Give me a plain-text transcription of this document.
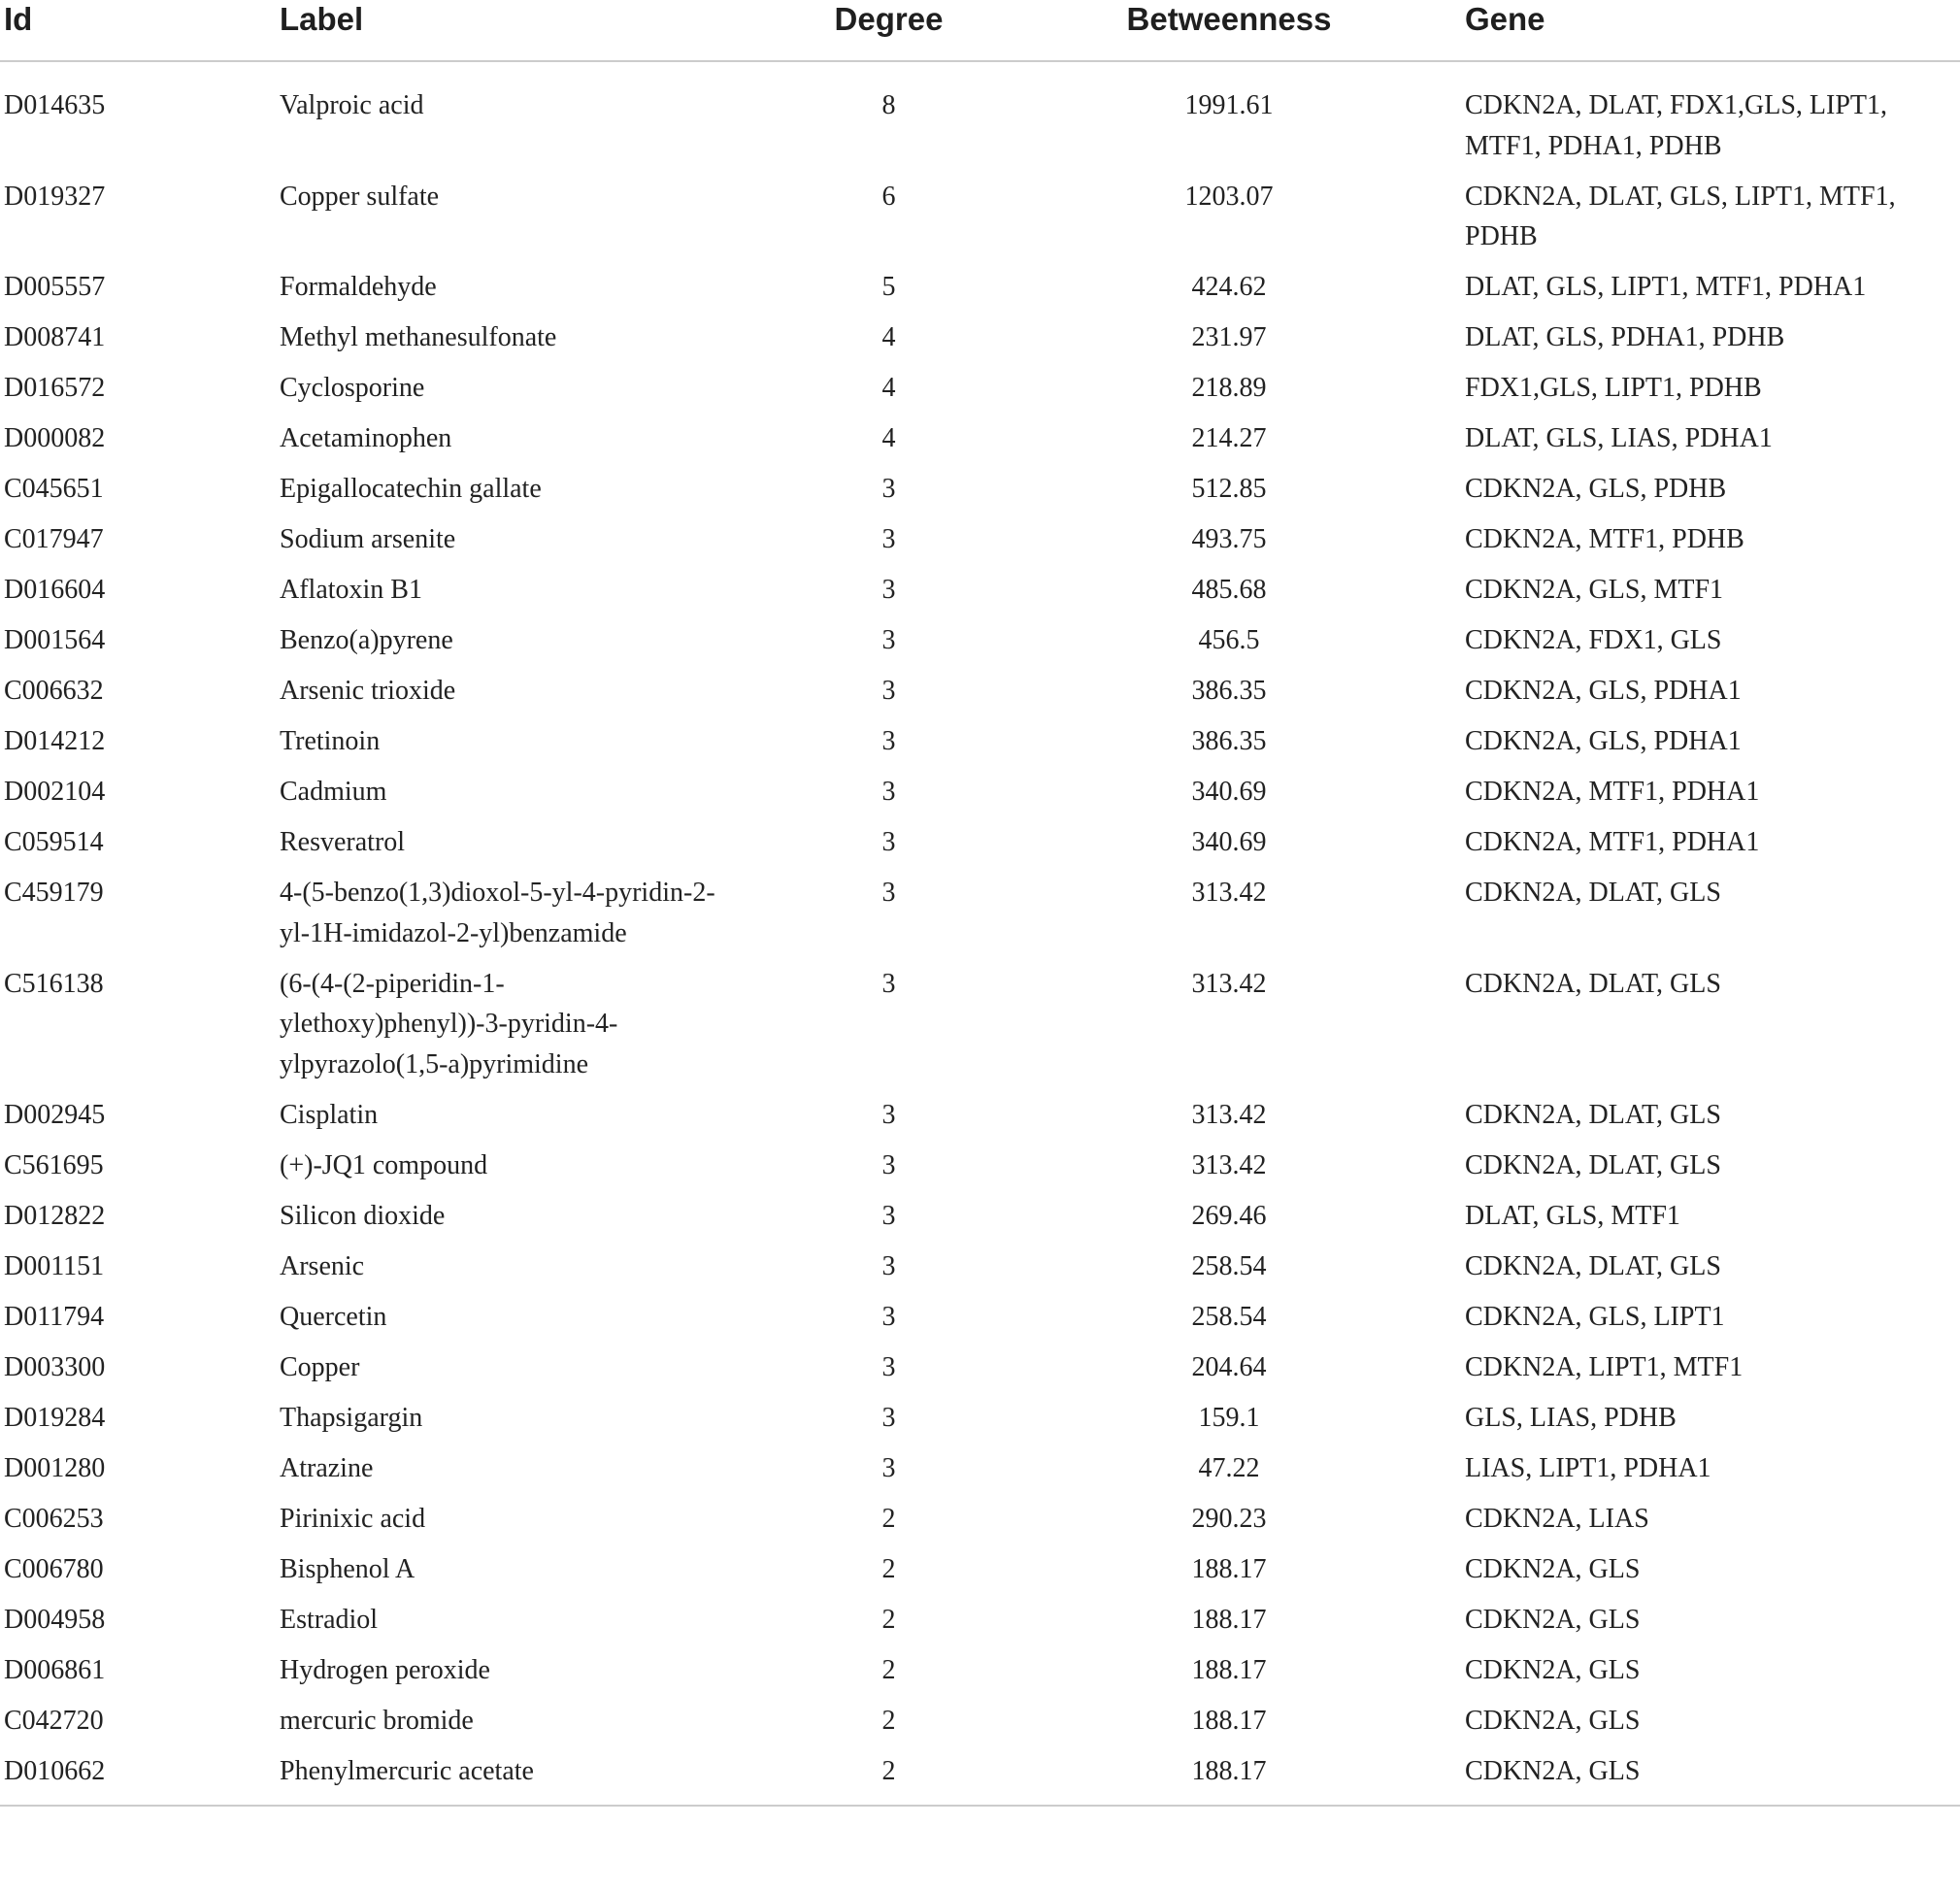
Id	Label	Degree	Betweenness	Gene
D014635	Valproic acid	8	1991.61	CDKN2A, DLAT, FDX1,GLS, LIPT1, MTF1, PDHA1, PDHB
D019327	Copper sulfate	6	1203.07	CDKN2A, DLAT, GLS, LIPT1, MTF1, PDHB
D005557	Formaldehyde	5	424.62	DLAT, GLS, LIPT1, MTF1, PDHA1
D008741	Methyl methanesulfonate	4	231.97	DLAT, GLS, PDHA1, PDHB
D016572	Cyclosporine	4	218.89	FDX1,GLS, LIPT1, PDHB
D000082	Acetaminophen	4	214.27	DLAT, GLS, LIAS, PDHA1
C045651	Epigallocatechin gallate	3	512.85	CDKN2A, GLS, PDHB
C017947	Sodium arsenite	3	493.75	CDKN2A, MTF1, PDHB
D016604	Aflatoxin B1	3	485.68	CDKN2A, GLS, MTF1
D001564	Benzo(a)pyrene	3	456.5	CDKN2A, FDX1, GLS
C006632	Arsenic trioxide	3	386.35	CDKN2A, GLS, PDHA1
D014212	Tretinoin	3	386.35	CDKN2A, GLS, PDHA1
D002104	Cadmium	3	340.69	CDKN2A, MTF1, PDHA1
C059514	Resveratrol	3	340.69	CDKN2A, MTF1, PDHA1
C459179	4-(5-benzo(1,3)dioxol-5-yl-4-pyridin-2-yl-1H-imidazol-2-yl)benzamide	3	313.42	CDKN2A, DLAT, GLS
C516138	(6-(4-(2-piperidin-1-ylethoxy)phenyl))-3-pyridin-4-ylpyrazolo(1,5-a)pyrimidine	3	313.42	CDKN2A, DLAT, GLS
D002945	Cisplatin	3	313.42	CDKN2A, DLAT, GLS
C561695	(+)-JQ1 compound	3	313.42	CDKN2A, DLAT, GLS
D012822	Silicon dioxide	3	269.46	DLAT, GLS, MTF1
D001151	Arsenic	3	258.54	CDKN2A, DLAT, GLS
D011794	Quercetin	3	258.54	CDKN2A, GLS, LIPT1
D003300	Copper	3	204.64	CDKN2A, LIPT1, MTF1
D019284	Thapsigargin	3	159.1	GLS, LIAS, PDHB
D001280	Atrazine	3	47.22	LIAS, LIPT1, PDHA1
C006253	Pirinixic acid	2	290.23	CDKN2A, LIAS
C006780	Bisphenol A	2	188.17	CDKN2A, GLS
D004958	Estradiol	2	188.17	CDKN2A, GLS
D006861	Hydrogen peroxide	2	188.17	CDKN2A, GLS
C042720	mercuric bromide	2	188.17	CDKN2A, GLS
D010662	Phenylmercuric acetate	2	188.17	CDKN2A, GLS
